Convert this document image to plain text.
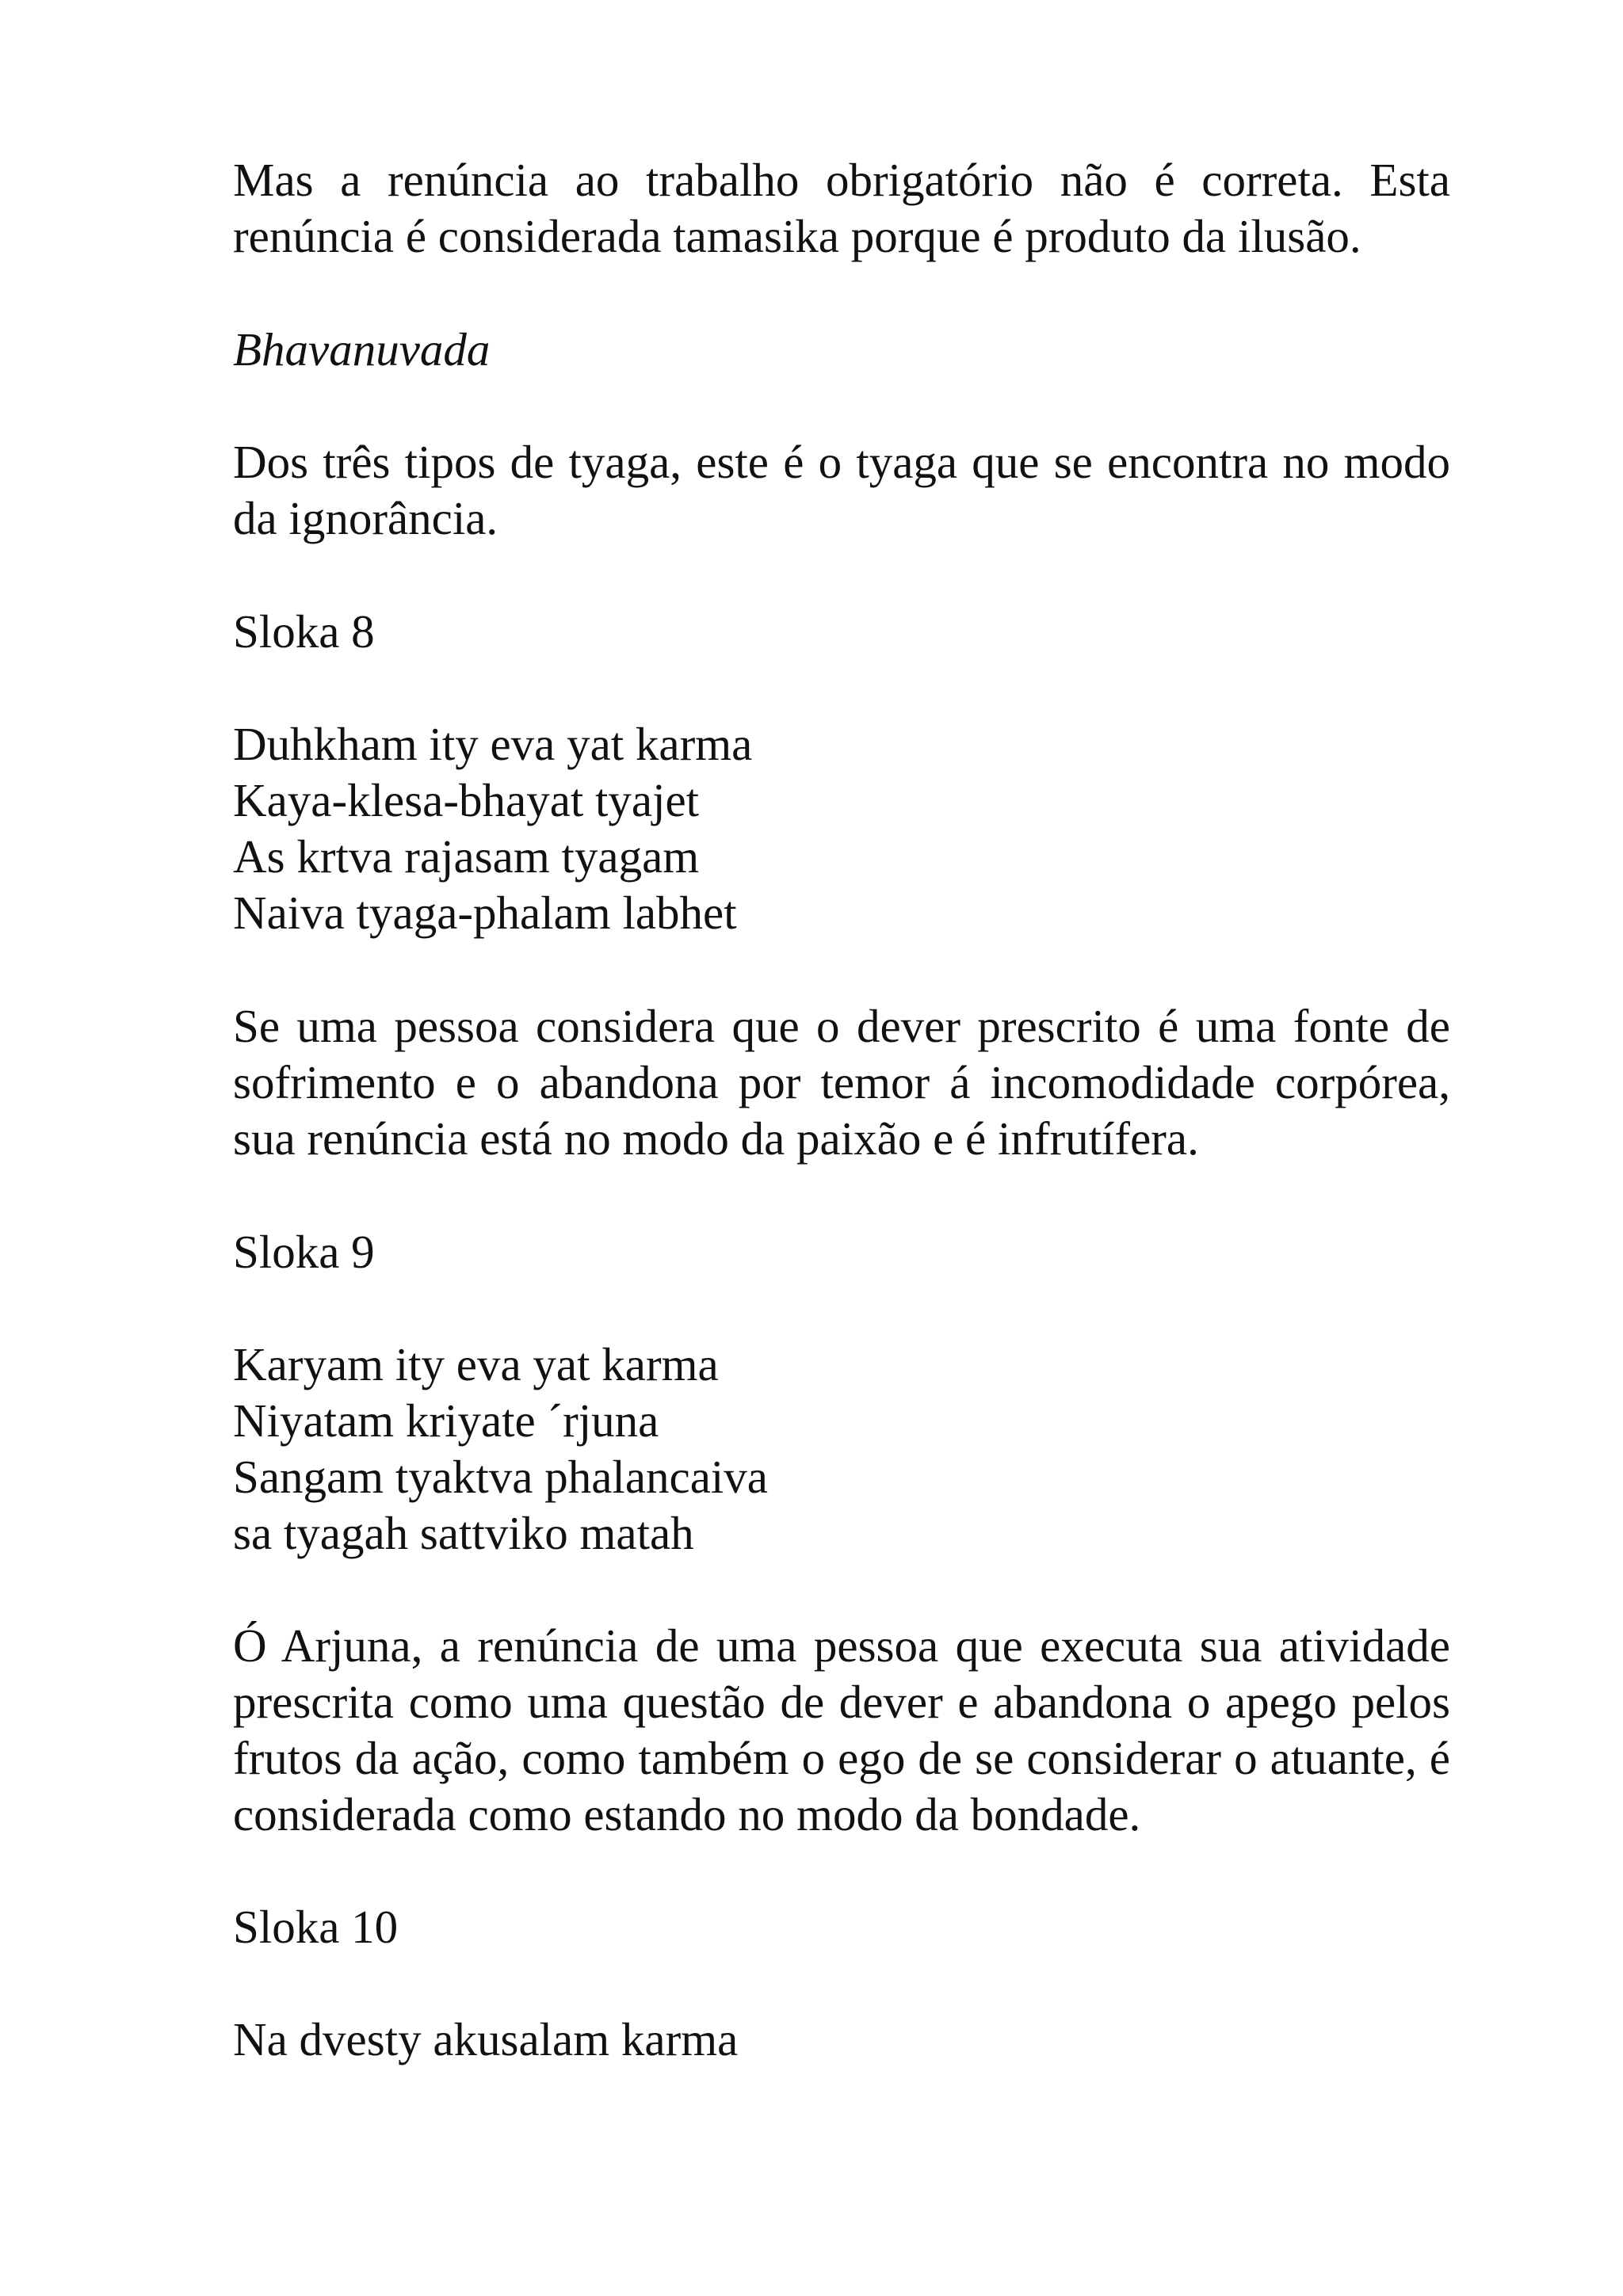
Mas a renúncia ao trabalho obrigatório não é correta. Esta renúncia é considerada tamasika porque é produto da ilusão.

Bhavanuvada

Dos três tipos de tyaga, este é o tyaga que se encontra no modo da ignorância.

Sloka 8

Duhkham ity eva yat karma
Kaya-klesa-bhayat tyajet
As krtva rajasam tyagam
Naiva tyaga-phalam labhet

Se uma pessoa considera que o dever prescrito é uma fonte de sofrimento e o abandona por temor á incomodidade corpórea, sua renúncia está no modo da paixão e é infrutífera.

Sloka 9

Karyam ity eva yat karma
Niyatam kriyate ´rjuna
Sangam tyaktva phalancaiva
sa tyagah sattviko matah

Ó Arjuna, a renúncia de uma pessoa que executa sua atividade prescrita como uma questão de dever e abandona o apego pelos frutos da ação, como também o ego de se considerar o atuante, é considerada como estando no modo da bondade.

Sloka 10

Na dvesty akusalam karma
